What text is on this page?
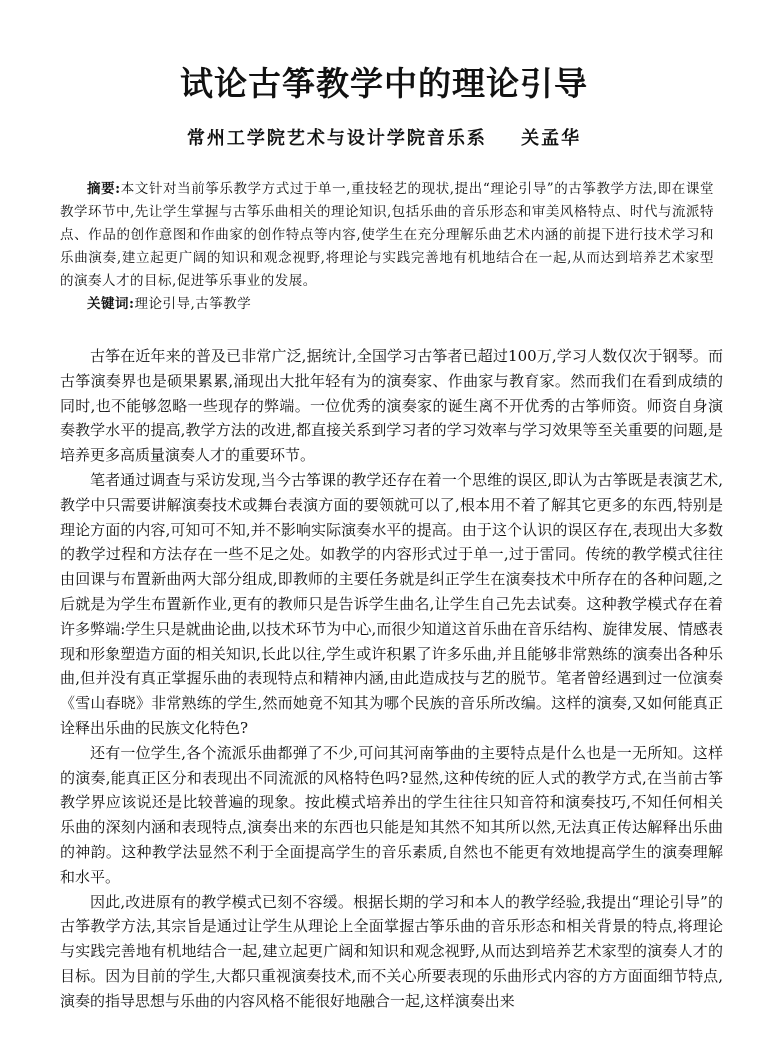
试论古筝教学中的理论引导
常州工学院艺术与设计学院音乐系 关孟华

摘要:本文针对当前筝乐教学方式过于单一,重技轻艺的现状,提出“理论引导”的古筝教学方法,即在课堂教学环节中,先让学生掌握与古筝乐曲相关的理论知识,包括乐曲的音乐形态和审美风格特点、时代与流派特点、作品的创作意图和作曲家的创作特点等内容,使学生在充分理解乐曲艺术内涵的前提下进行技术学习和乐曲演奏,建立起更广阔的知识和观念视野,将理论与实践完善地有机地结合在一起,从而达到培养艺术家型的演奏人才的目标,促进筝乐事业的发展。

关键词:理论引导,古筝教学

古筝在近年来的普及已非常广泛,据统计,全国学习古筝者已超过100万,学习人数仅次于钢琴。而古筝演奏界也是硕果累累,涌现出大批年轻有为的演奏家、作曲家与教育家。然而我们在看到成绩的同时,也不能够忽略一些现存的弊端。一位优秀的演奏家的诞生离不开优秀的古筝师资。师资自身演奏教学水平的提高,教学方法的改进,都直接关系到学习者的学习效率与学习效果等至关重要的问题,是培养更多高质量演奏人才的重要环节。

笔者通过调查与采访发现,当今古筝课的教学还存在着一个思维的误区,即认为古筝既是表演艺术,教学中只需要讲解演奏技术或舞台表演方面的要领就可以了,根本用不着了解其它更多的东西,特别是理论方面的内容,可知可不知,并不影响实际演奏水平的提高。由于这个认识的误区存在,表现出大多数的教学过程和方法存在一些不足之处。如教学的内容形式过于单一,过于雷同。传统的教学模式往往由回课与布置新曲两大部分组成,即教师的主要任务就是纠正学生在演奏技术中所存在的各种问题,之后就是为学生布置新作业,更有的教师只是告诉学生曲名,让学生自己先去试奏。这种教学模式存在着许多弊端:学生只是就曲论曲,以技术环节为中心,而很少知道这首乐曲在音乐结构、旋律发展、情感表现和形象塑造方面的相关知识,长此以往,学生或许积累了许多乐曲,并且能够非常熟练的演奏出各种乐曲,但并没有真正掌握乐曲的表现特点和精神内涵,由此造成技与艺的脱节。笔者曾经遇到过一位演奏《雪山春晓》非常熟练的学生,然而她竟不知其为哪个民族的音乐所改编。这样的演奏,又如何能真正诠释出乐曲的民族文化特色?

还有一位学生,各个流派乐曲都弹了不少,可问其河南筝曲的主要特点是什么也是一无所知。这样的演奏,能真正区分和表现出不同流派的风格特色吗?显然,这种传统的匠人式的教学方式,在当前古筝教学界应该说还是比较普遍的现象。按此模式培养出的学生往往只知音符和演奏技巧,不知任何相关乐曲的深刻内涵和表现特点,演奏出来的东西也只能是知其然不知其所以然,无法真正传达解释出乐曲的神韵。这种教学法显然不利于全面提高学生的音乐素质,自然也不能更有效地提高学生的演奏理解和水平。

因此,改进原有的教学模式已刻不容缓。根据长期的学习和本人的教学经验,我提出“理论引导”的古筝教学方法,其宗旨是通过让学生从理论上全面掌握古筝乐曲的音乐形态和相关背景的特点,将理论与实践完善地有机地结合一起,建立起更广阔和知识和观念视野,从而达到培养艺术家型的演奏人才的目标。因为目前的学生,大都只重视演奏技术,而不关心所要表现的乐曲形式内容的方方面面细节特点,演奏的指导思想与乐曲的内容风格不能很好地融合一起,这样演奏出来
